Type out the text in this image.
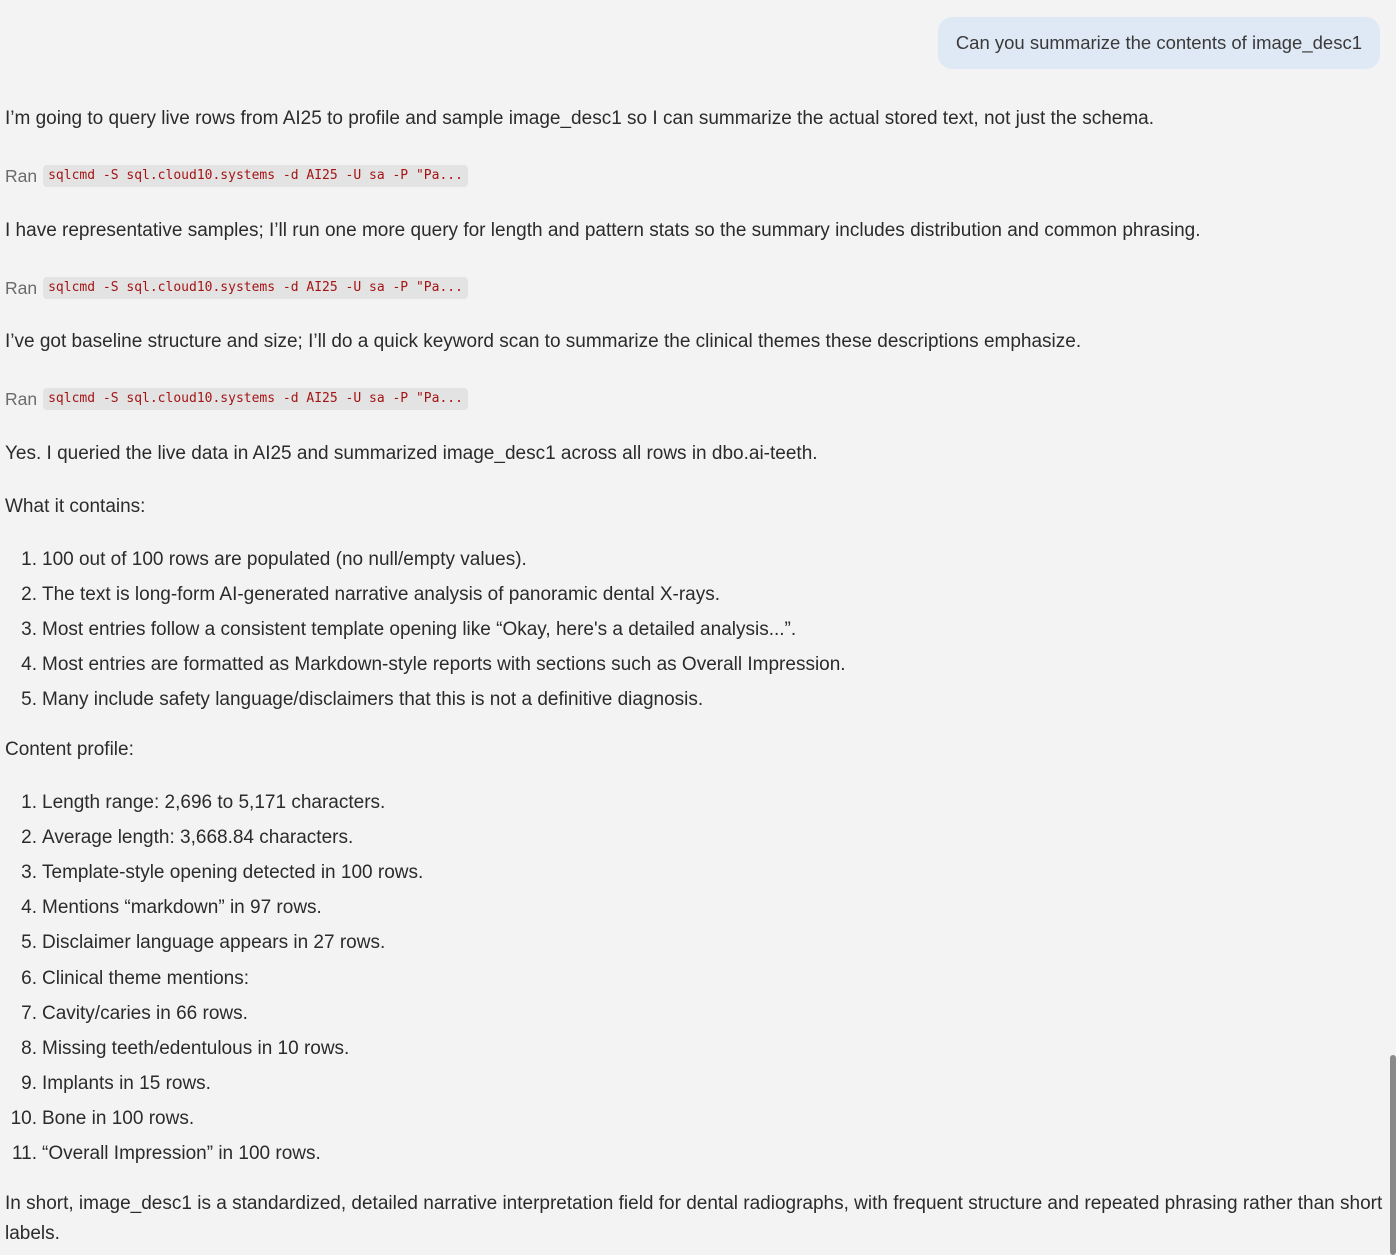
Can you summarize the contents of image_desc1
I’m going to query live rows from AI25 to profile and sample image_desc1 so I can summarize the actual stored text, not just the schema.
Ran sqlcmd -S sql.cloud10.systems -d AI25 -U sa -P "Pa...
I have representative samples; I’ll run one more query for length and pattern stats so the summary includes distribution and common phrasing.
Ran sqlcmd -S sql.cloud10.systems -d AI25 -U sa -P "Pa...
I’ve got baseline structure and size; I’ll do a quick keyword scan to summarize the clinical themes these descriptions emphasize.
Ran sqlcmd -S sql.cloud10.systems -d AI25 -U sa -P "Pa...
Yes. I queried the live data in AI25 and summarized image_desc1 across all rows in dbo.ai-teeth.
What it contains:
1. 100 out of 100 rows are populated (no null/empty values).
2. The text is long-form AI-generated narrative analysis of panoramic dental X-rays.
3. Most entries follow a consistent template opening like “Okay, here's a detailed analysis...”.
4. Most entries are formatted as Markdown-style reports with sections such as Overall Impression.
5. Many include safety language/disclaimers that this is not a definitive diagnosis.
Content profile:
1. Length range: 2,696 to 5,171 characters.
2. Average length: 3,668.84 characters.
3. Template-style opening detected in 100 rows.
4. Mentions “markdown” in 97 rows.
5. Disclaimer language appears in 27 rows.
6. Clinical theme mentions:
7. Cavity/caries in 66 rows.
8. Missing teeth/edentulous in 10 rows.
9. Implants in 15 rows.
10. Bone in 100 rows.
11. “Overall Impression” in 100 rows.
In short, image_desc1 is a standardized, detailed narrative interpretation field for dental radiographs, with frequent structure and repeated phrasing rather than short labels.
